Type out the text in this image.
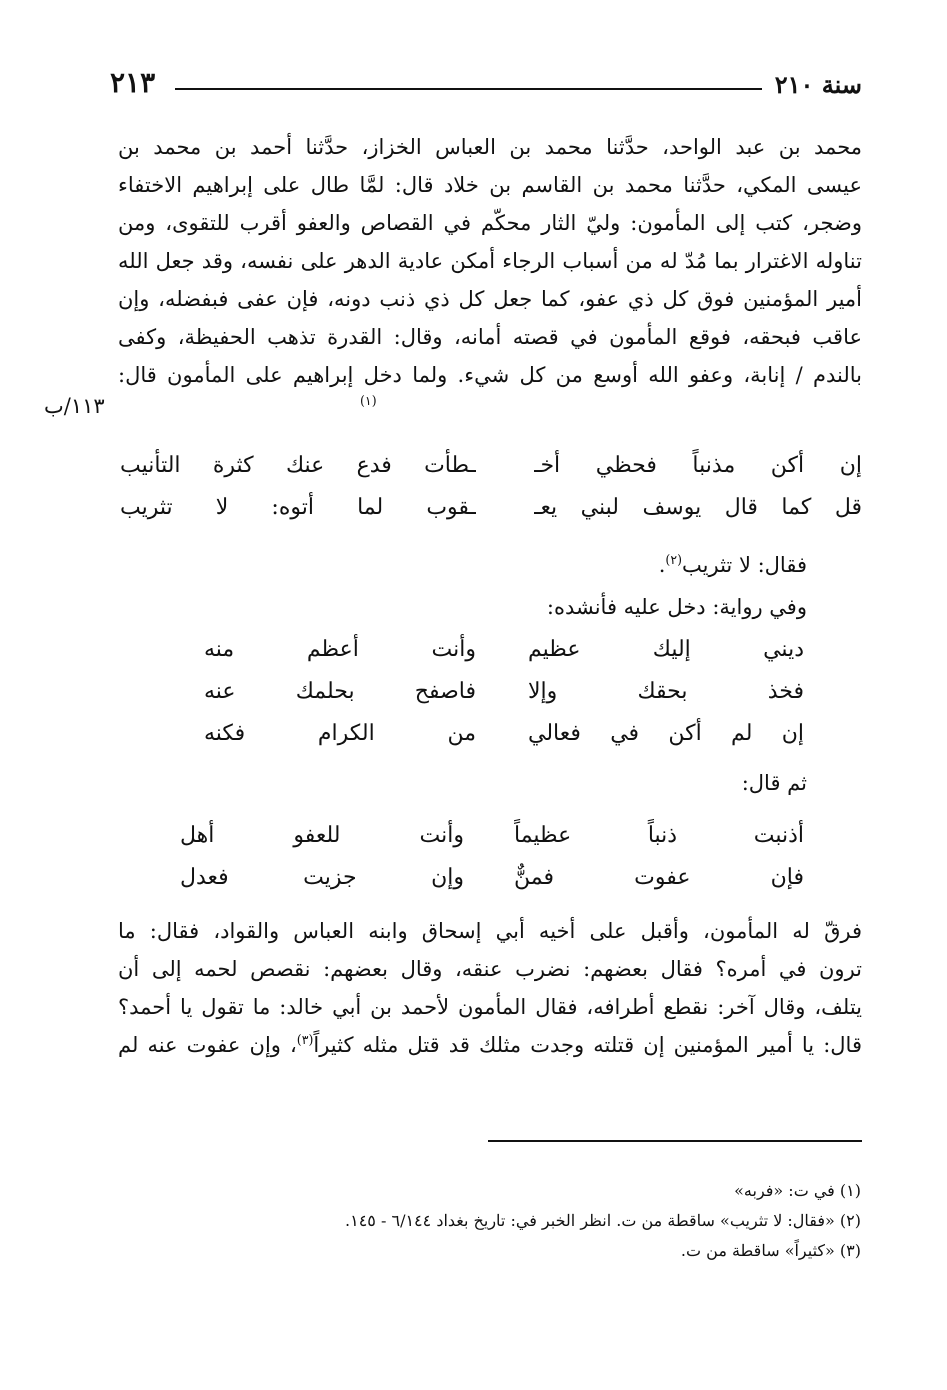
سنة ٢١٠
٢١٣
محمد بن عبد الواحد، حدَّثنا محمد بن العباس الخزاز، حدَّثنا أحمد بن محمد بن
عيسى المكي، حدَّثنا محمد بن القاسم بن خلاد قال: لمَّا طال على إبراهيم الاختفاء
وضجر، كتب إلى المأمون: وليّ الثار محكّم في القصاص والعفو أقرب للتقوى، ومن
تناوله الاغترار بما مُدّ له من أسباب الرجاء أمكن عادية الدهر على نفسه، وقد جعل الله
أمير المؤمنين فوق كل ذي عفو، كما جعل كل ذي ذنب دونه، فإن عفى فبفضله، وإن
عاقب فبحقه، فوقع المأمون في قصته أمانه، وقال: القدرة تذهب الحفيظة، وكفى
بالندم / إنابة، وعفو الله أوسع من كل شيء. ولما دخل إبراهيم على المأمون قال:
$^{(١)}$
١١٣/ب
إن أكن مذنباً فحظي أخـ
ـطأت فدع عنك كثرة التأنيب
قل كما قال يوسف لبني يعـ
ـقوب لما أتوه: لا تثريب
فقال: لا تثريب$^{(٢)}$.
وفي رواية: دخل عليه فأنشده:
ديني إليك عظيم
وأنت أعظم منه
فخذ بحقك وإلا
فاصفح بحلمك عنه
إن لم أكن في فعالي
من الكرام فكنه
ثم قال:
أذنبت ذنباً عظيماً
وأنت للعفو أهل
فإن عفوت فمنٌّ
وإن جزيت فعدل
فرقّ له المأمون، وأقبل على أخيه أبي إسحاق وابنه العباس والقواد، فقال: ما
ترون في أمره؟ فقال بعضهم: نضرب عنقه، وقال بعضهم: نقصص لحمه إلى أن
يتلف، وقال آخر: نقطع أطرافه، فقال المأمون لأحمد بن أبي خالد: ما تقول يا أحمد؟
قال: يا أمير المؤمنين إن قتلته وجدت مثلك قد قتل مثله كثيراً$^{(٣)}$، وإن عفوت عنه لم
(١) في ت: «فربه»
(٢) «فقال: لا تثريب» ساقطة من ت. انظر الخبر في: تاريخ بغداد ٦/١٤٤ - ١٤٥.
(٣) «كثيراً» ساقطة من ت.
